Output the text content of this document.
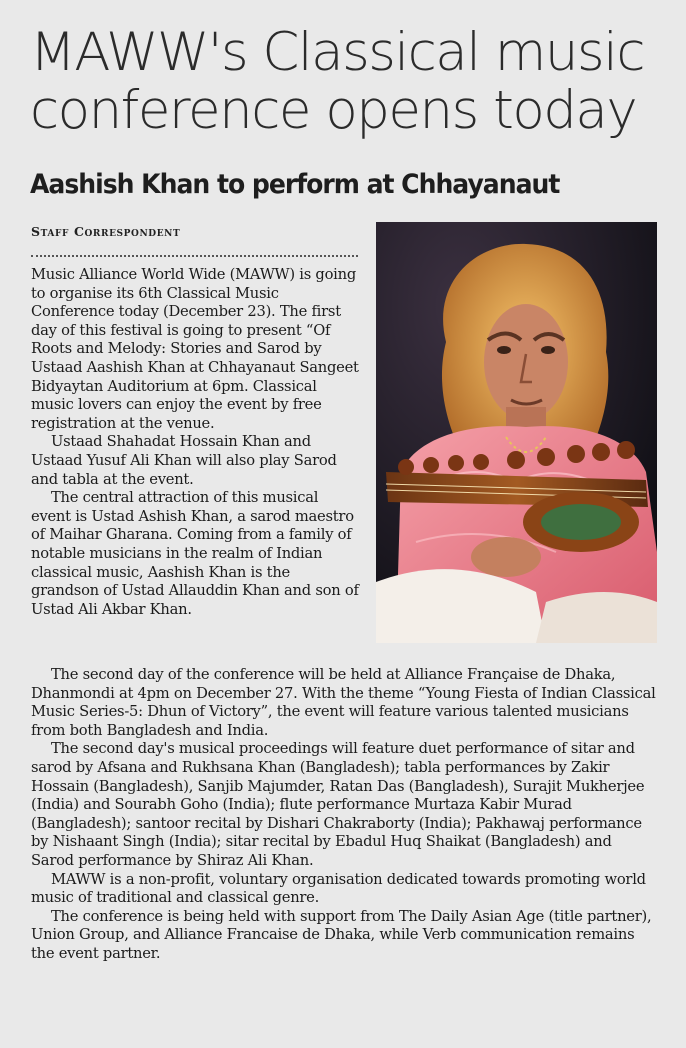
MAWW's Classical music conference opens today
Aashish Khan to perform at Chhayanaut
Staff Correspondent

Music Alliance World Wide (MAWW) is going to organise its 6th Classical Music Conference today (December 23). The first day of this festival is going to present “Of Roots and Melody: Stories and Sarod by Ustaad Aashish Khan at Chhayanaut Sangeet Bidyaytan Auditorium at 6pm. Classical music lovers can enjoy the event by free registration at the venue.

Ustaad Shahadat Hossain Khan and Ustaad Yusuf Ali Khan will also play Sarod and tabla at the event.

The central attraction of this musical event is Ustad Ashish Khan, a sarod maestro of Maihar Gharana. Coming from a family of notable musicians in the realm of Indian classical music, Aashish Khan is the grandson of Ustad Allauddin Khan and son of Ustad Ali Akbar Khan.

The second day of the conference will be held at Alliance Française de Dhaka, Dhanmondi at 4pm on December 27. With the theme “Young Fiesta of Indian Classical Music Series-5: Dhun of Victory”, the event will feature various talented musicians from both Bangladesh and India.

The second day's musical proceedings will feature duet performance of sitar and sarod by Afsana and Rukhsana Khan (Bangladesh); tabla performances by Zakir Hossain (Bangladesh), Sanjib Majumder, Ratan Das (Bangladesh), Surajit Mukherjee (India) and Sourabh Goho (India); flute performance Murtaza Kabir Murad (Bangladesh); santoor recital by Dishari Chakraborty (India); Pakhawaj performance by Nishaant Singh (India); sitar recital by Ebadul Huq Shaikat (Bangladesh) and Sarod performance by Shiraz Ali Khan.

MAWW is a non-profit, voluntary organisation dedicated towards promoting world music of traditional and classical genre.

The conference is being held with support from The Daily Asian Age (title partner), Union Group, and Alliance Francaise de Dhaka, while Verb communication remains the event partner.
